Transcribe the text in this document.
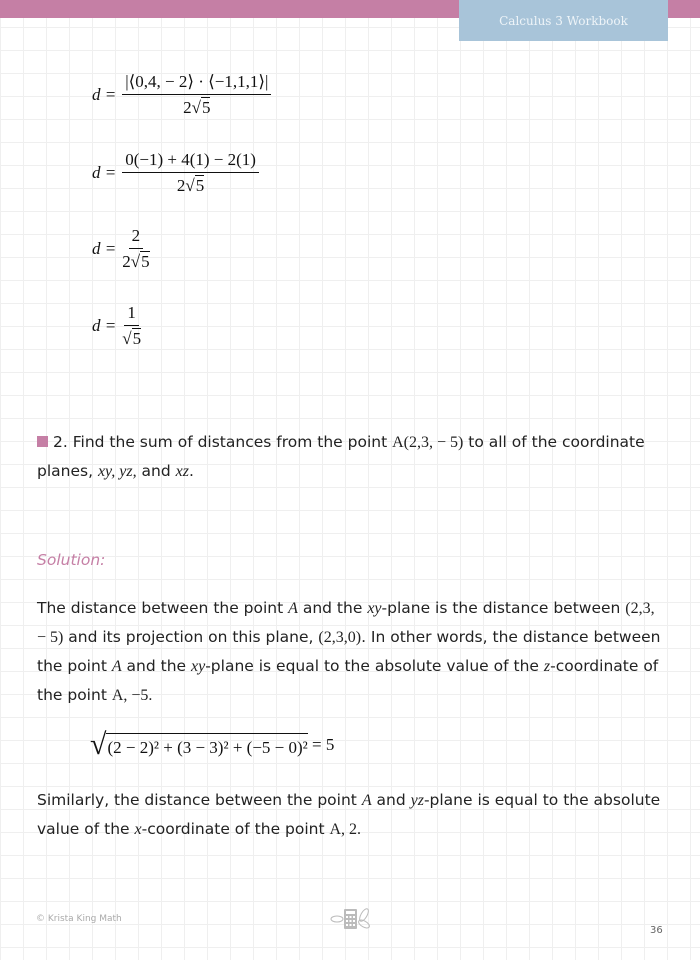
Calculus 3 Workbook
$d = \frac{|⟨0,4, - 2⟩ \cdot ⟨-1,1,1⟩|}{2√5}$
$d = \frac{0(-1) + 4(1) - 2(1)}{2√5}$
$d = \frac{2}{2√5}$
$d = \frac{1}{√5}$
2. Find the sum of distances from the point A(2,3, − 5) to all of the coordinate planes, xy, yz, and xz.
Solution:
The distance between the point A and the xy-plane is the distance between (2,3, − 5) and its projection on this plane, (2,3,0). In other words, the distance between the point A and the xy-plane is equal to the absolute value of the z-coordinate of the point A, −5.
√ (2 − 2)² + (3 − 3)² + (−5 − 0)²
= 5
Similarly, the distance between the point A and yz-plane is equal to the absolute value of the x-coordinate of the point A, 2.
© Krista King Math
36
